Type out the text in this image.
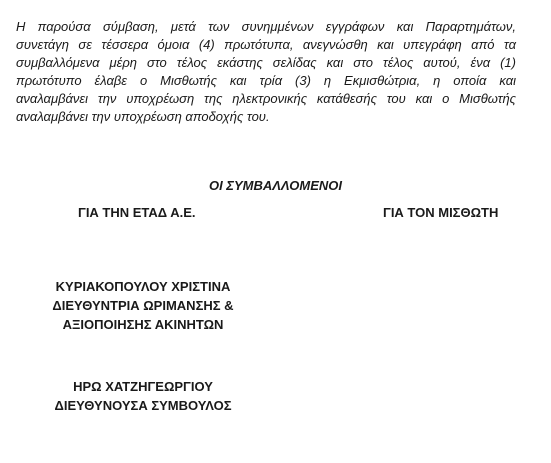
Η παρούσα σύμβαση, μετά των συνημμένων εγγράφων και Παραρτημάτων,
συνετάγη σε τέσσερα όμοια (4) πρωτότυπα, ανεγνώσθη και υπεγράφη από τα
συμβαλλόμενα μέρη στο τέλος εκάστης σελίδας και στο τέλος αυτού, ένα (1)
πρωτότυπο έλαβε ο Μισθωτής και τρία (3) η Εκμισθώτρια, η οποία και
αναλαμβάνει την υποχρέωση της ηλεκτρονικής κατάθεσής του και ο Μισθωτής
αναλαμβάνει την υποχρέωση αποδοχής του.

ΟΙ ΣΥΜΒΑΛΛΟΜΕΝΟΙ
ΓΙΑ ΤΗΝ ΕΤΑΔ Α.Ε.	ΓΙΑ ΤΟΝ ΜΙΣΘΩΤΗ
ΚΥΡΙΑΚΟΠΟΥΛΟΥ ΧΡΙΣΤΙΝΑ
ΔΙΕΥΘΥΝΤΡΙΑ ΩΡΙΜΑΝΣΗΣ &
ΑΞΙΟΠΟΙΗΣΗΣ ΑΚΙΝΗΤΩΝ
ΗΡΩ ΧΑΤΖΗΓΕΩΡΓΙΟΥ
ΔΙΕΥΘΥΝΟΥΣΑ ΣΥΜΒΟΥΛΟΣ
